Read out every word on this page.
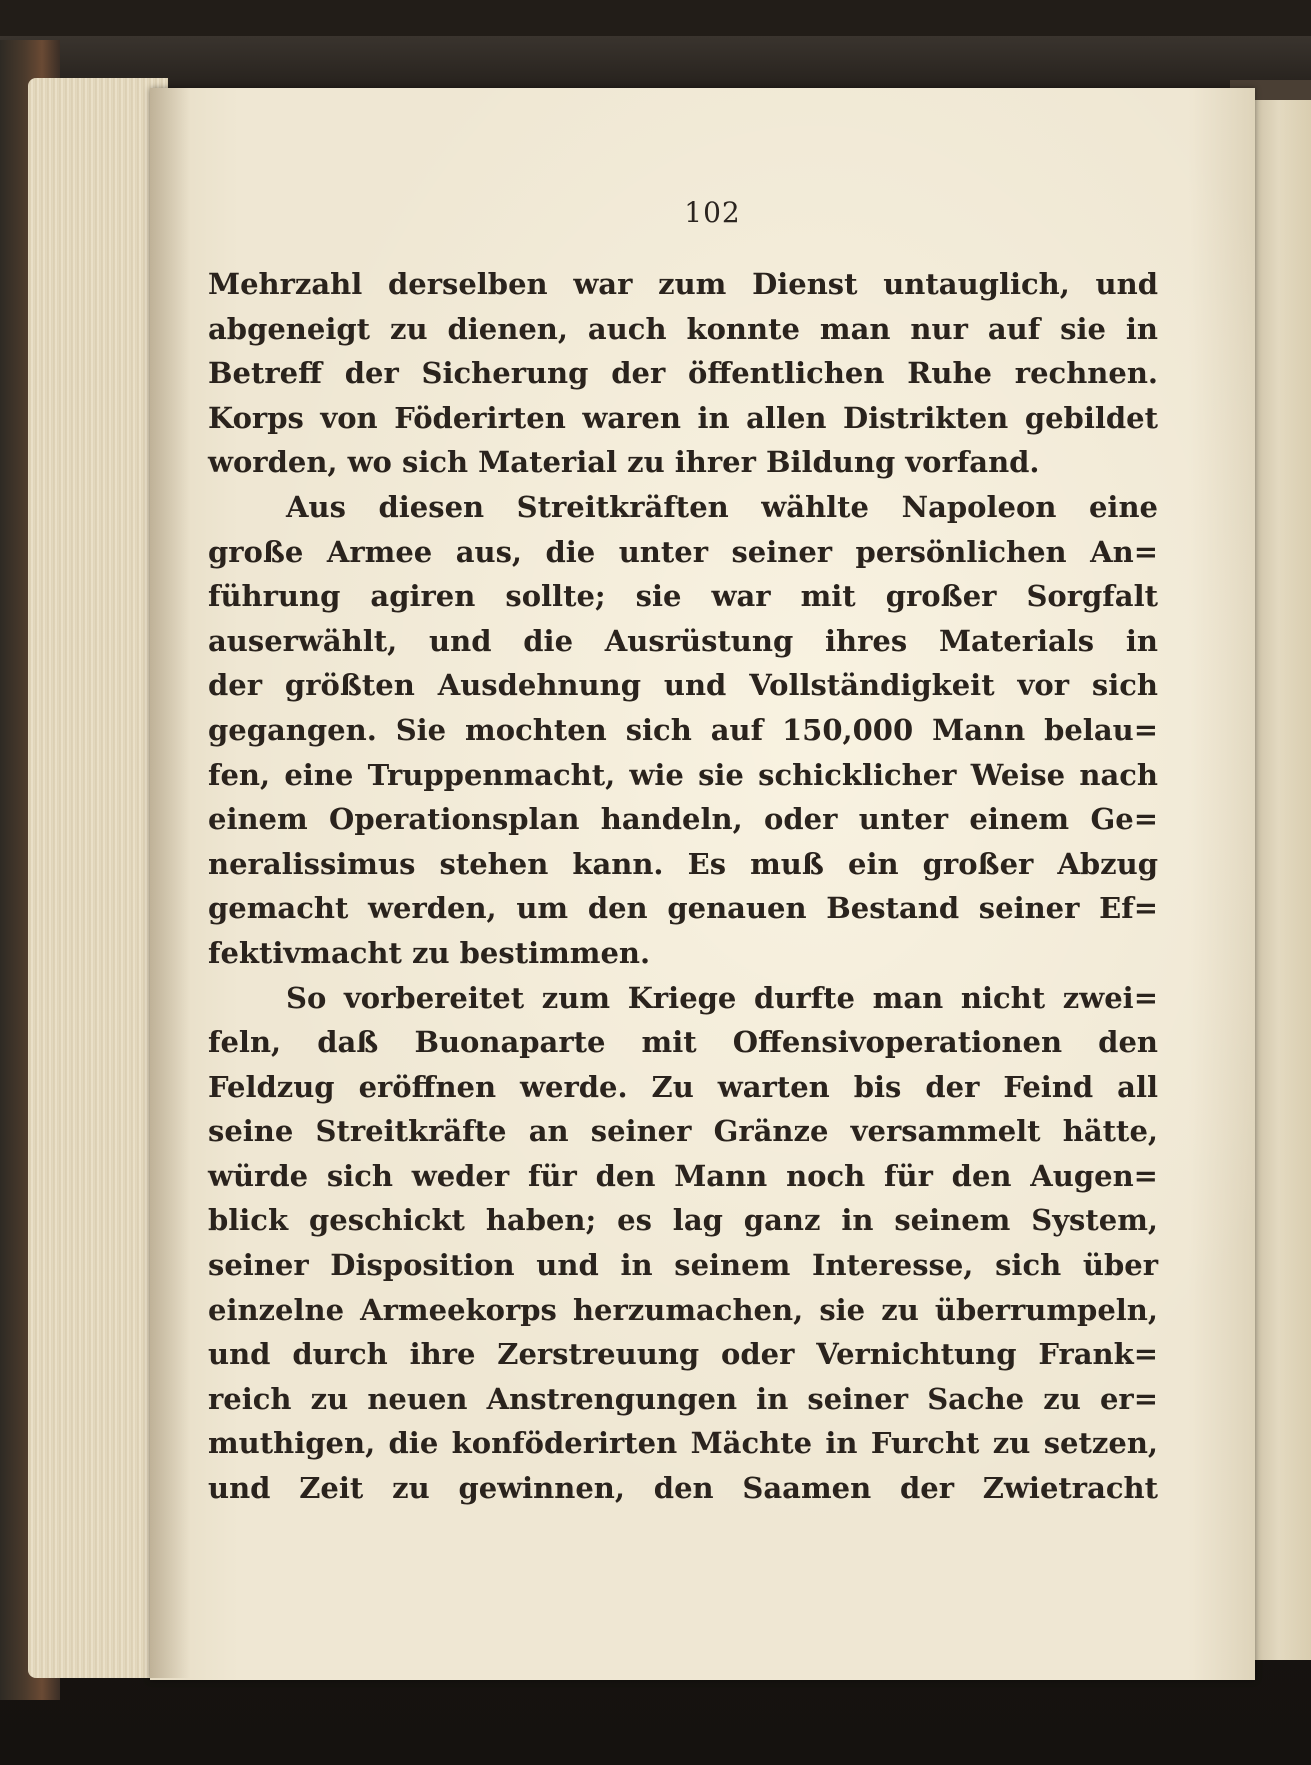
102
Mehrzahl derselben war zum Dienst untauglich, und
abgeneigt zu dienen, auch konnte man nur auf sie in
Betreff der Sicherung der öffentlichen Ruhe rechnen.
Korps von Föderirten waren in allen Distrikten gebildet
worden, wo sich Material zu ihrer Bildung vorfand.
Aus diesen Streitkräften wählte Napoleon eine
große Armee aus, die unter seiner persönlichen An=
führung agiren sollte; sie war mit großer Sorgfalt
auserwählt, und die Ausrüstung ihres Materials in
der größten Ausdehnung und Vollständigkeit vor sich
gegangen. Sie mochten sich auf 150,000 Mann belau=
fen, eine Truppenmacht, wie sie schicklicher Weise nach
einem Operationsplan handeln, oder unter einem Ge=
neralissimus stehen kann. Es muß ein großer Abzug
gemacht werden, um den genauen Bestand seiner Ef=
fektivmacht zu bestimmen.
So vorbereitet zum Kriege durfte man nicht zwei=
feln, daß Buonaparte mit Offensivoperationen den
Feldzug eröffnen werde. Zu warten bis der Feind all
seine Streitkräfte an seiner Gränze versammelt hätte,
würde sich weder für den Mann noch für den Augen=
blick geschickt haben; es lag ganz in seinem System,
seiner Disposition und in seinem Interesse, sich über
einzelne Armeekorps herzumachen, sie zu überrumpeln,
und durch ihre Zerstreuung oder Vernichtung Frank=
reich zu neuen Anstrengungen in seiner Sache zu er=
muthigen, die konföderirten Mächte in Furcht zu setzen,
und Zeit zu gewinnen, den Saamen der Zwietracht
